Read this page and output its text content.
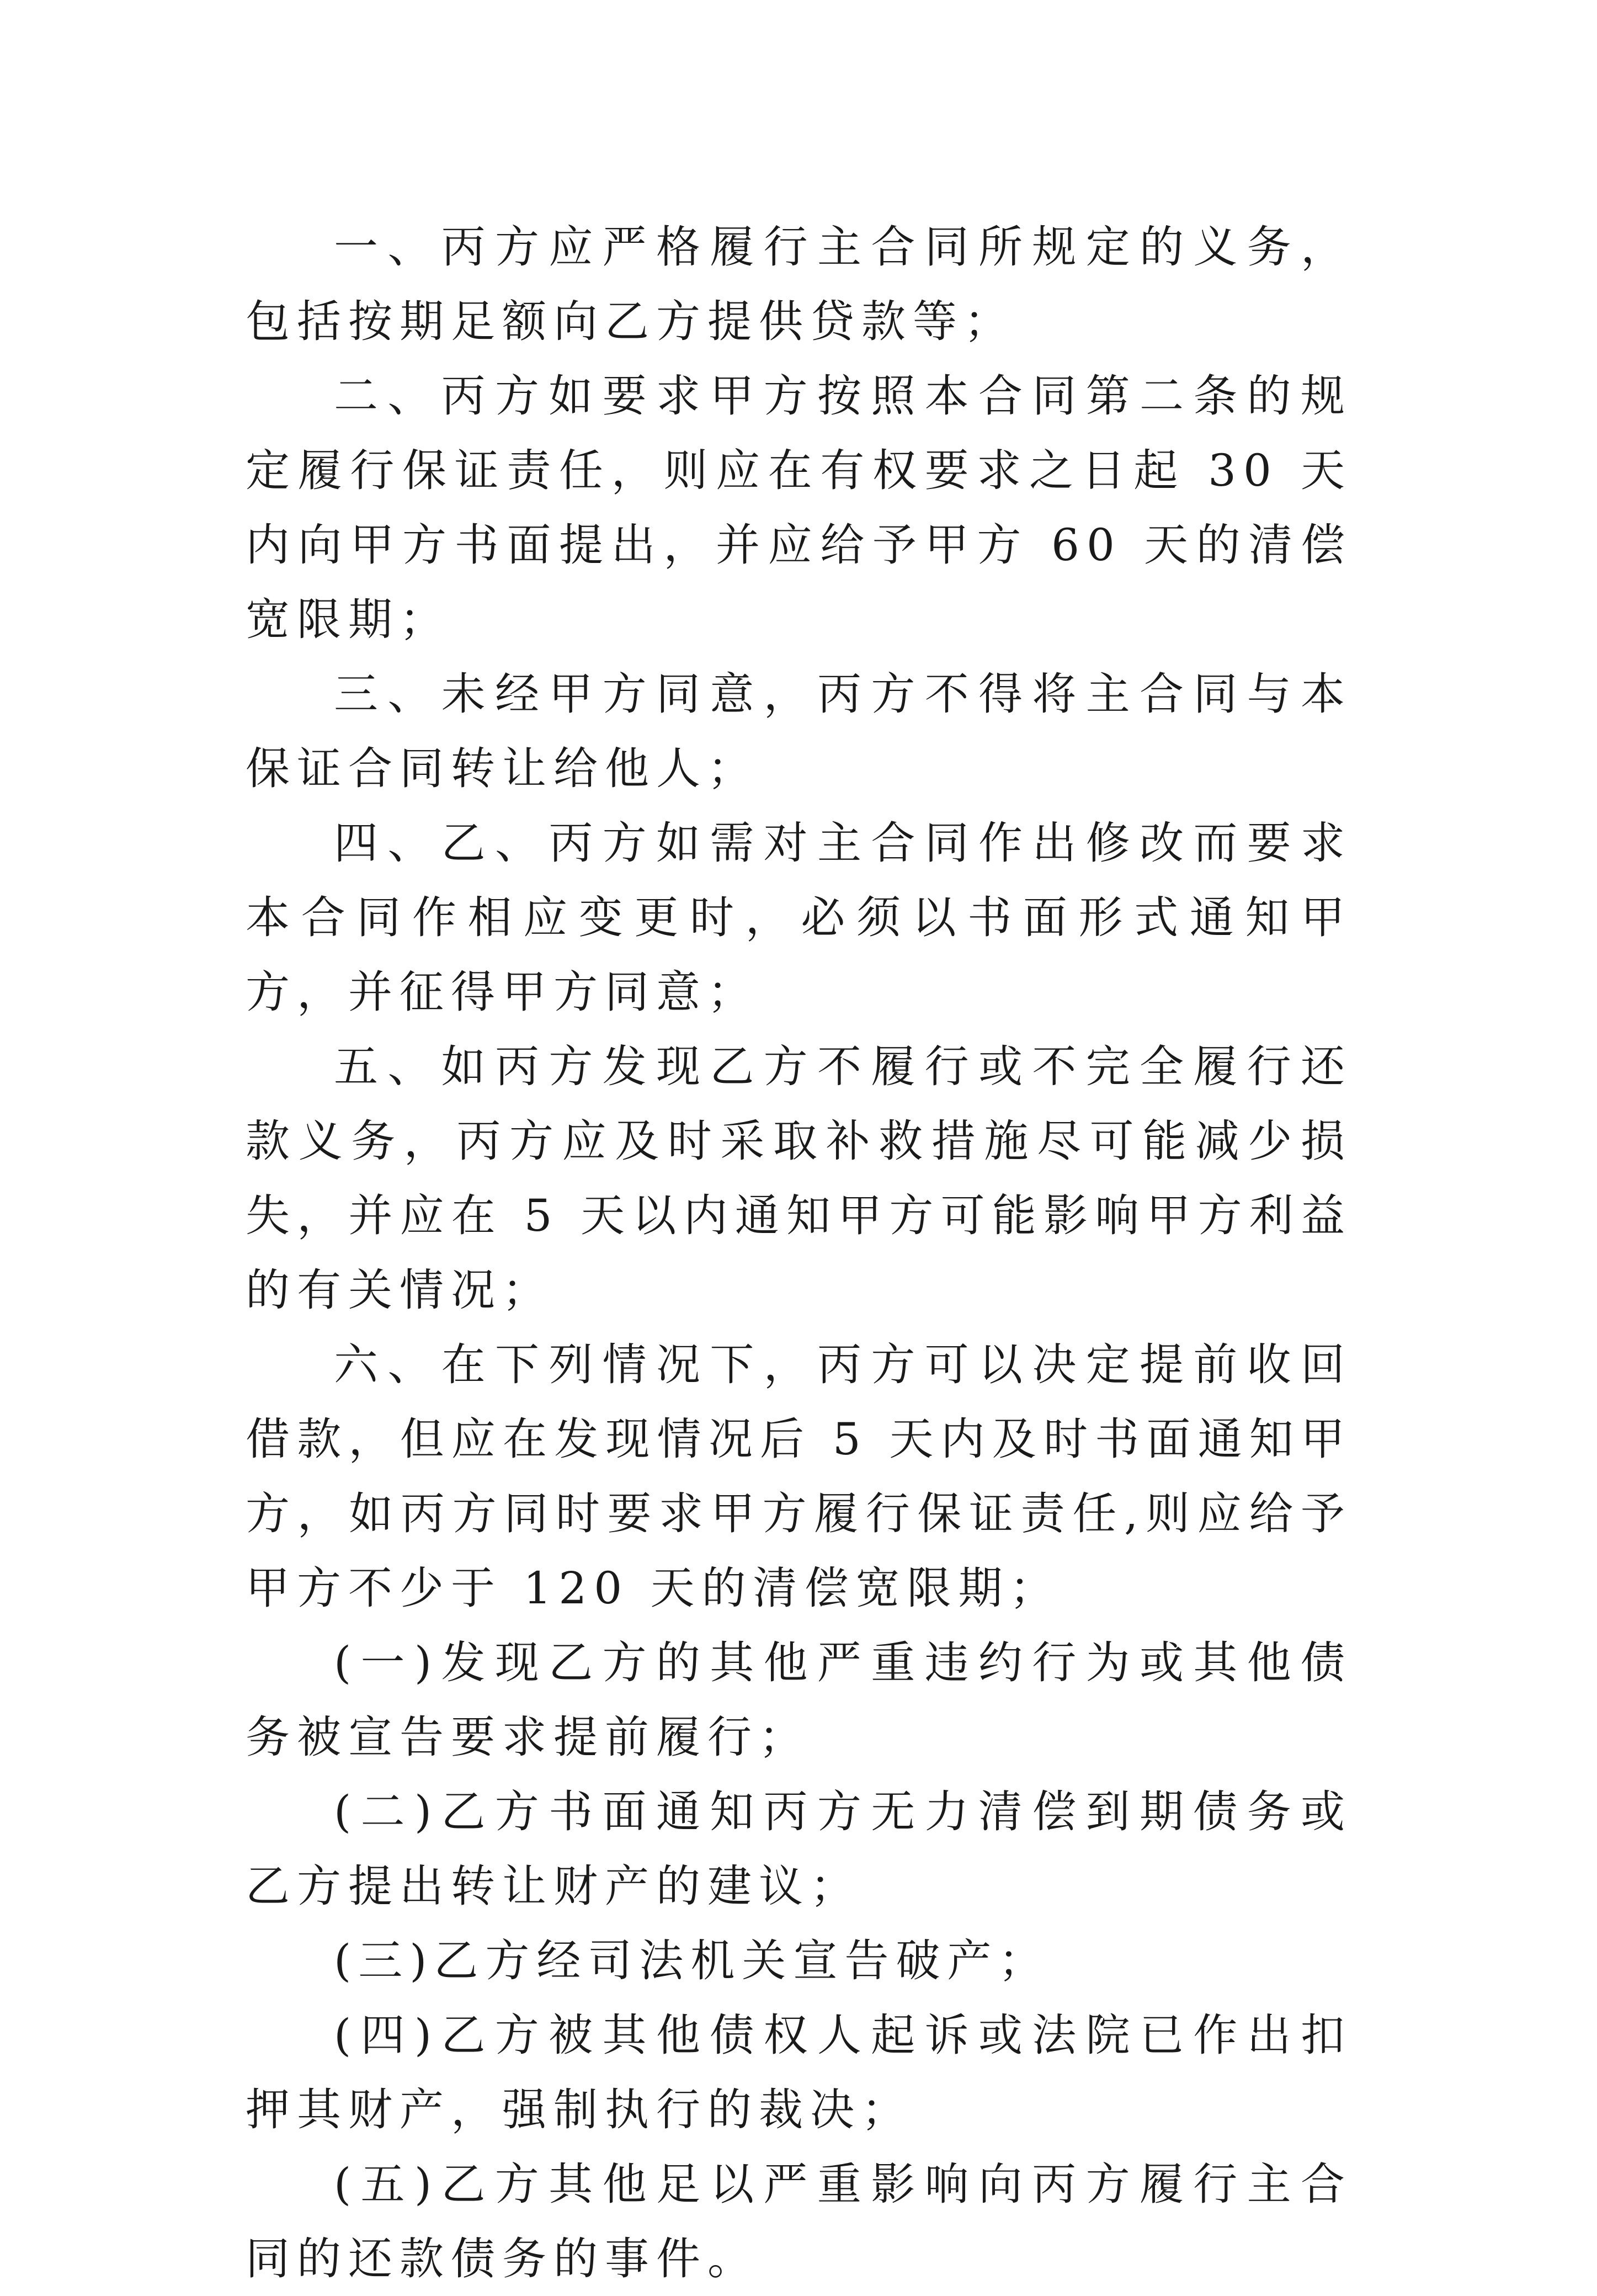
一、丙方应严格履行主合同所规定的义务，包括按期足额向乙方提供贷款等；

二、丙方如要求甲方按照本合同第二条的规定履行保证责任，则应在有权要求之日起 30 天内向甲方书面提出，并应给予甲方 60 天的清偿宽限期；

三、未经甲方同意，丙方不得将主合同与本保证合同转让给他人；

四、乙、丙方如需对主合同作出修改而要求本合同作相应变更时，必须以书面形式通知甲方，并征得甲方同意；

五、如丙方发现乙方不履行或不完全履行还款义务，丙方应及时采取补救措施尽可能减少损失，并应在 5 天以内通知甲方可能影响甲方利益的有关情况；

六、在下列情况下，丙方可以决定提前收回借款，但应在发现情况后 5 天内及时书面通知甲方，如丙方同时要求甲方履行保证责任,则应给予甲方不少于 120 天的清偿宽限期；

(一)发现乙方的其他严重违约行为或其他债务被宣告要求提前履行；

(二)乙方书面通知丙方无力清偿到期债务或乙方提出转让财产的建议；

(三)乙方经司法机关宣告破产；

(四)乙方被其他债权人起诉或法院已作出扣押其财产，强制执行的裁决；

(五)乙方其他足以严重影响向丙方履行主合同的还款债务的事件。
